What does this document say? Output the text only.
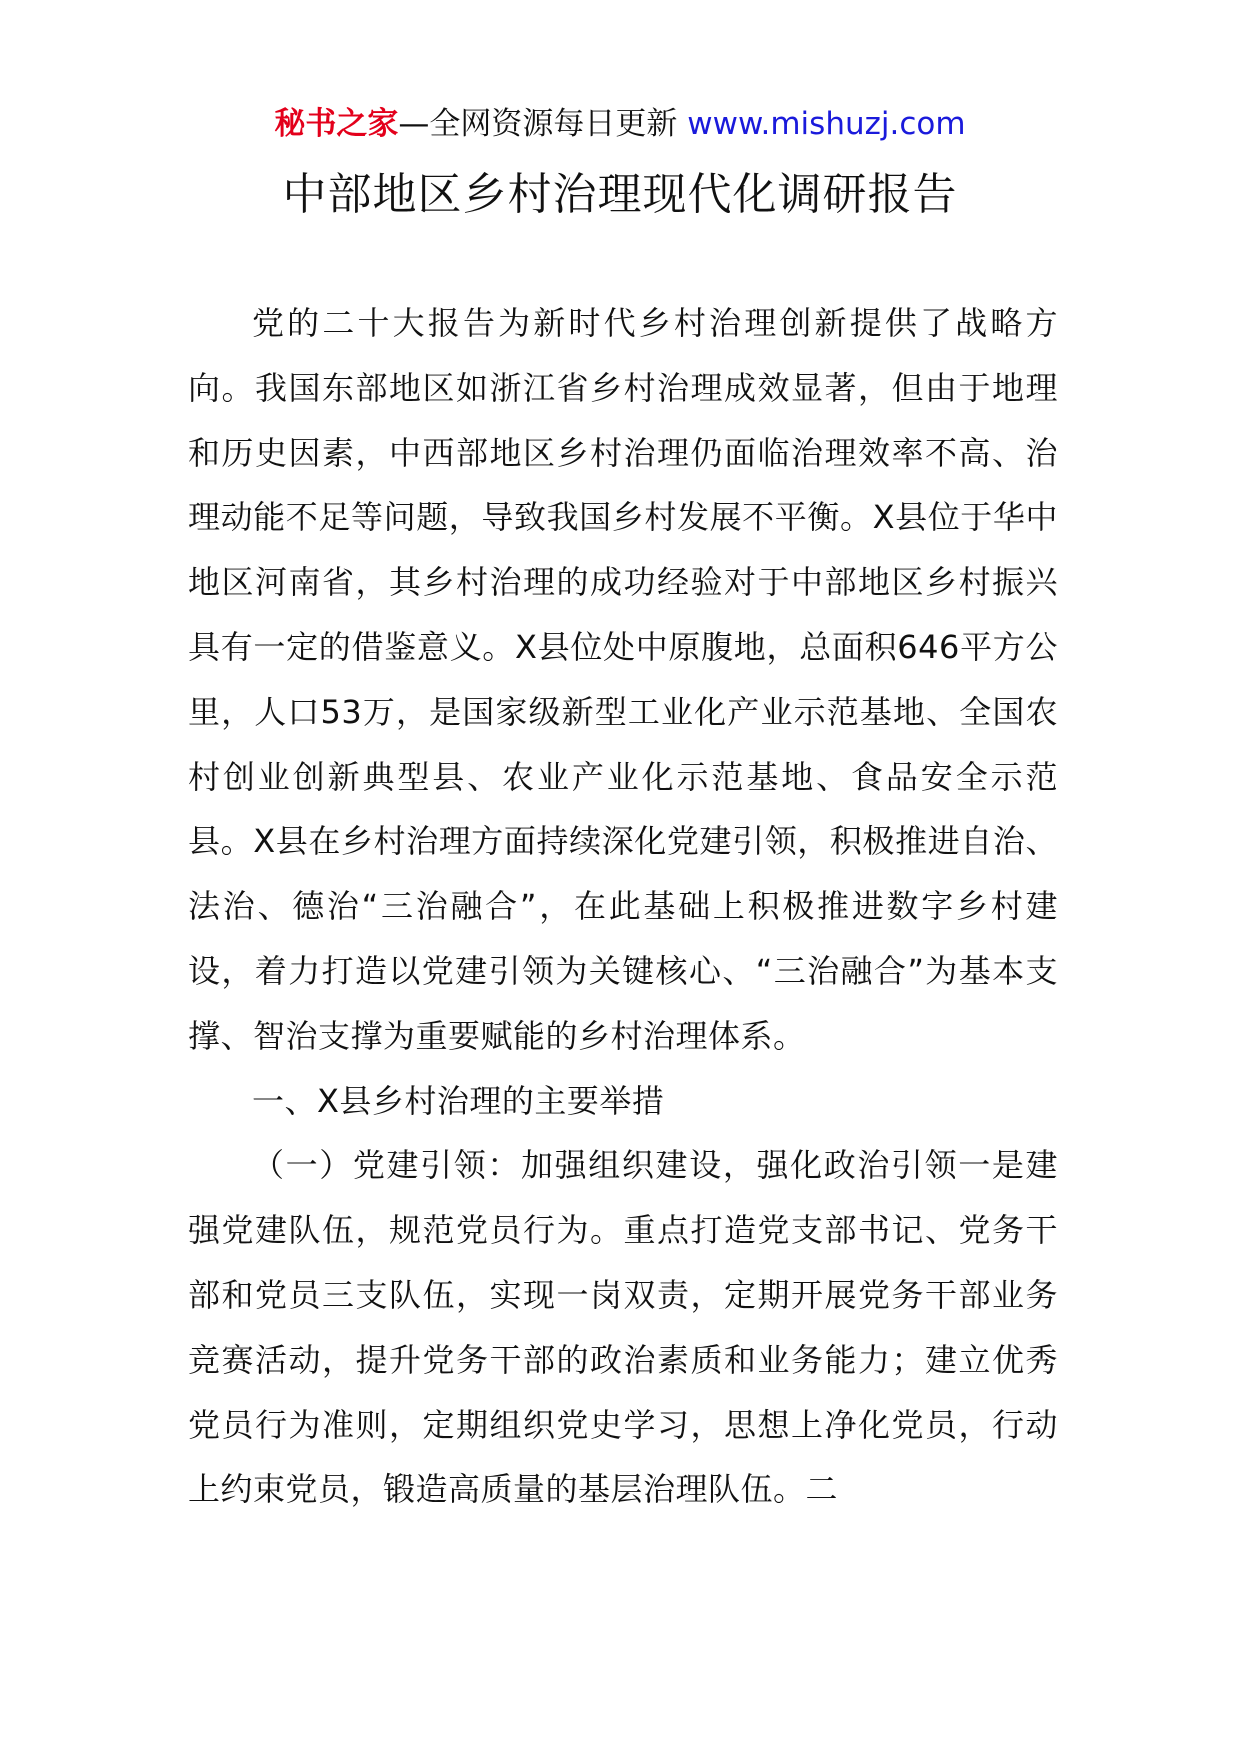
秘书之家—全网资源每日更新 www.mishuzj.com
中部地区乡村治理现代化调研报告

党的二十大报告为新时代乡村治理创新提供了战略方向。我国东部地区如浙江省乡村治理成效显著，但由于地理和历史因素，中西部地区乡村治理仍面临治理效率不高、治理动能不足等问题，导致我国乡村发展不平衡。X县位于华中地区河南省，其乡村治理的成功经验对于中部地区乡村振兴具有一定的借鉴意义。X县位处中原腹地，总面积646平方公里，人口53万，是国家级新型工业化产业示范基地、全国农村创业创新典型县、农业产业化示范基地、食品安全示范县。X县在乡村治理方面持续深化党建引领，积极推进自治、法治、德治“三治融合”，在此基础上积极推进数字乡村建设，着力打造以党建引领为关键核心、“三治融合”为基本支撑、智治支撑为重要赋能的乡村治理体系。

一、X县乡村治理的主要举措

（一）党建引领：加强组织建设，强化政治引领一是建强党建队伍，规范党员行为。重点打造党支部书记、党务干部和党员三支队伍，实现一岗双责，定期开展党务干部业务竞赛活动，提升党务干部的政治素质和业务能力；建立优秀党员行为准则，定期组织党史学习，思想上净化党员，行动上约束党员，锻造高质量的基层治理队伍。二
